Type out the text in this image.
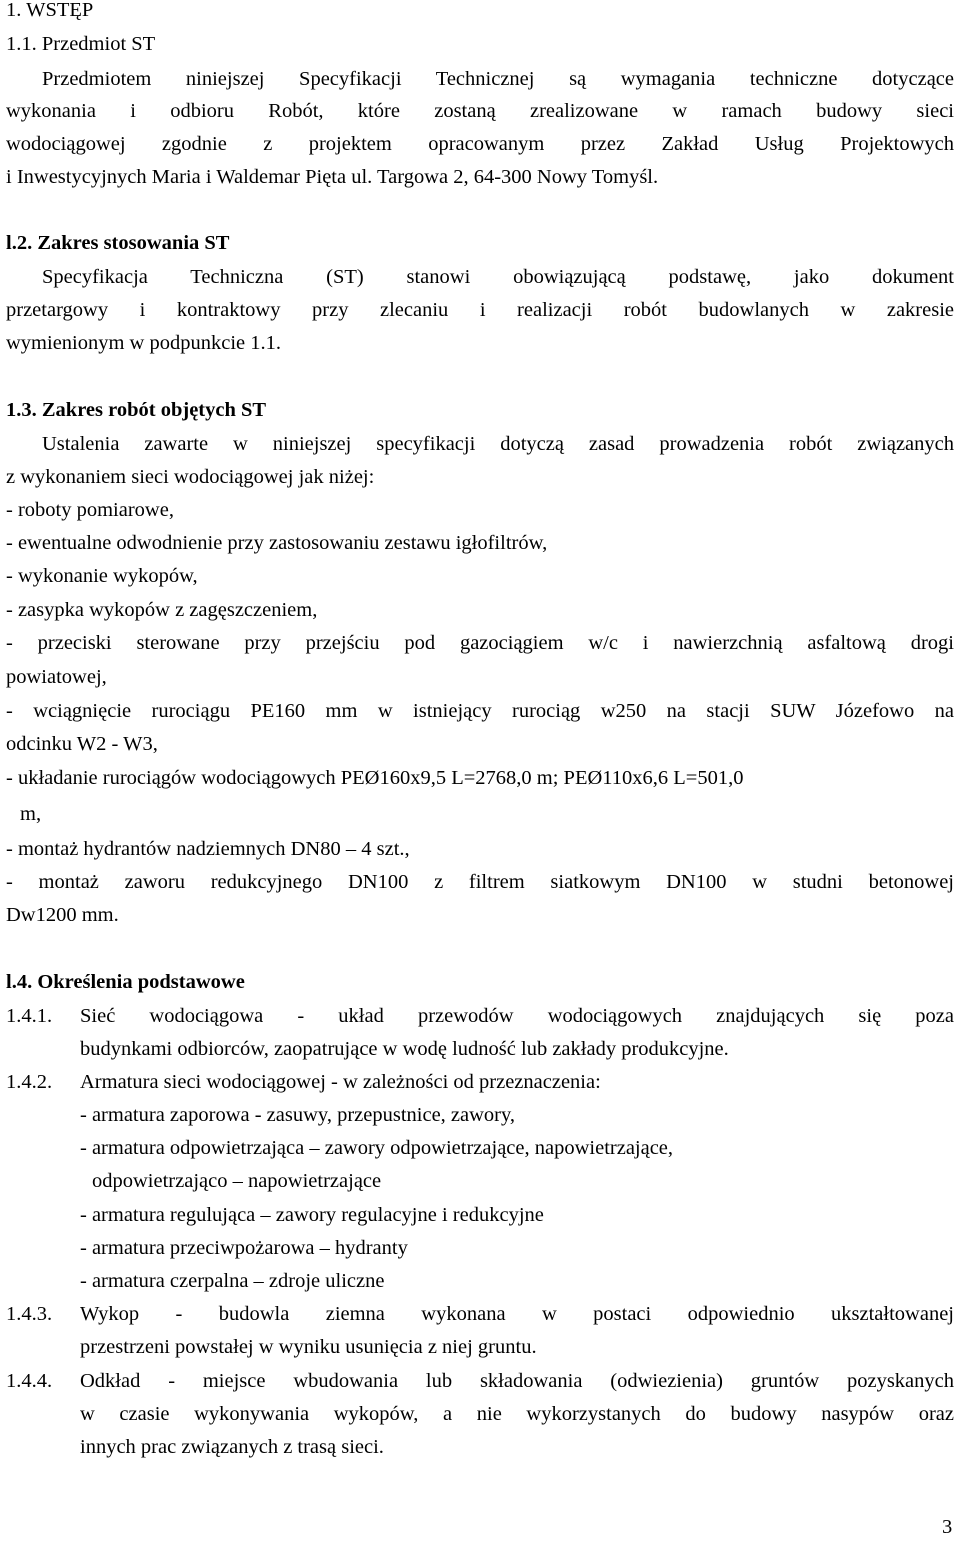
1. WSTĘP
1.1. Przedmiot ST
Przedmiotem niniejszej Specyfikacji Technicznej są wymagania techniczne dotyczące
wykonania i odbioru Robót, które zostaną zrealizowane w ramach budowy sieci
wodociągowej zgodnie z projektem opracowanym przez Zakład Usług Projektowych
i Inwestycyjnych Maria i Waldemar Pięta ul. Targowa 2, 64-300 Nowy Tomyśl.
l.2. Zakres stosowania ST
Specyfikacja Techniczna (ST) stanowi obowiązującą podstawę, jako dokument
przetargowy i kontraktowy przy zlecaniu i realizacji robót budowlanych w zakresie
wymienionym w podpunkcie 1.1.
1.3. Zakres robót objętych ST
Ustalenia zawarte w niniejszej specyfikacji dotyczą zasad prowadzenia robót związanych
z wykonaniem sieci wodociągowej jak niżej:
- roboty pomiarowe,
- ewentualne odwodnienie przy zastosowaniu zestawu igłofiltrów,
- wykonanie wykopów,
- zasypka wykopów z zagęszczeniem,
- przeciski sterowane przy przejściu pod gazociągiem w/c i nawierzchnią asfaltową drogi
powiatowej,
- wciągnięcie rurociągu PE160 mm w istniejący rurociąg w250 na stacji SUW Józefowo na
odcinku W2 - W3,
- układanie rurociągów wodociągowych PEØ160x9,5 L=2768,0 m; PEØ110x6,6 L=501,0
m,
- montaż hydrantów nadziemnych DN80 – 4 szt.,
- montaż zaworu redukcyjnego DN100 z filtrem siatkowym DN100 w studni betonowej
Dw1200 mm.
l.4. Określenia podstawowe
1.4.1. Sieć wodociągowa - układ przewodów wodociągowych znajdujących się poza
budynkami odbiorców, zaopatrujące w wodę ludność lub zakłady produkcyjne.
1.4.2. Armatura sieci wodociągowej - w zależności od przeznaczenia:
- armatura zaporowa - zasuwy, przepustnice, zawory,
- armatura odpowietrzająca – zawory odpowietrzające, napowietrzające,
odpowietrzająco – napowietrzające
- armatura regulująca – zawory regulacyjne i redukcyjne
- armatura przeciwpożarowa – hydranty
- armatura czerpalna – zdroje uliczne
1.4.3. Wykop - budowla ziemna wykonana w postaci odpowiednio ukształtowanej
przestrzeni powstałej w wyniku usunięcia z niej gruntu.
1.4.4. Odkład - miejsce wbudowania lub składowania (odwiezienia) gruntów pozyskanych
w czasie wykonywania wykopów, a nie wykorzystanych do budowy nasypów oraz
innych prac związanych z trasą sieci.
3
